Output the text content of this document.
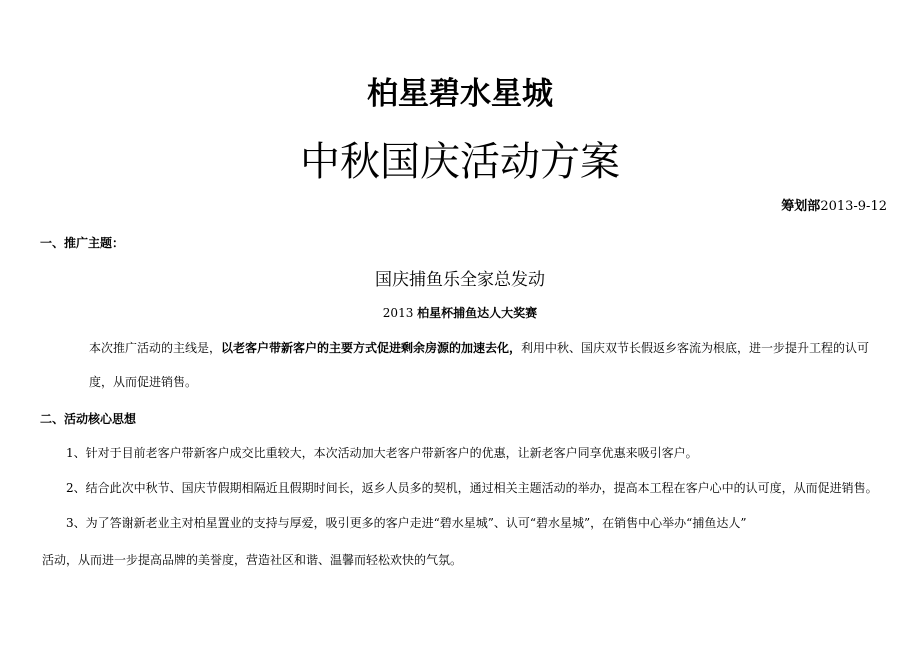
柏星碧水星城
中秋国庆活动方案
筹划部2013-9-12
一、推广主题：
国庆捕鱼乐全家总发动
2013 柏星杯捕鱼达人大奖赛
本次推广活动的主线是，以老客户带新客户的主要方式促进剩余房源的加速去化，利用中秋、国庆双节长假返乡客流为根底，进一步提升工程的认可
度，从而促进销售。
二、活动核心思想
1、针对于目前老客户带新客户成交比重较大，本次活动加大老客户带新客户的优惠，让新老客户同享优惠来吸引客户。
2、结合此次中秋节、国庆节假期相隔近且假期时间长，返乡人员多的契机，通过相关主题活动的举办，提高本工程在客户心中的认可度，从而促进销售。
3、为了答谢新老业主对柏星置业的支持与厚爱，吸引更多的客户走进“碧水星城”、认可“碧水星城”，在销售中心举办“捕鱼达人”
活动，从而进一步提高品牌的美誉度，营造社区和谐、温馨而轻松欢快的气氛。
